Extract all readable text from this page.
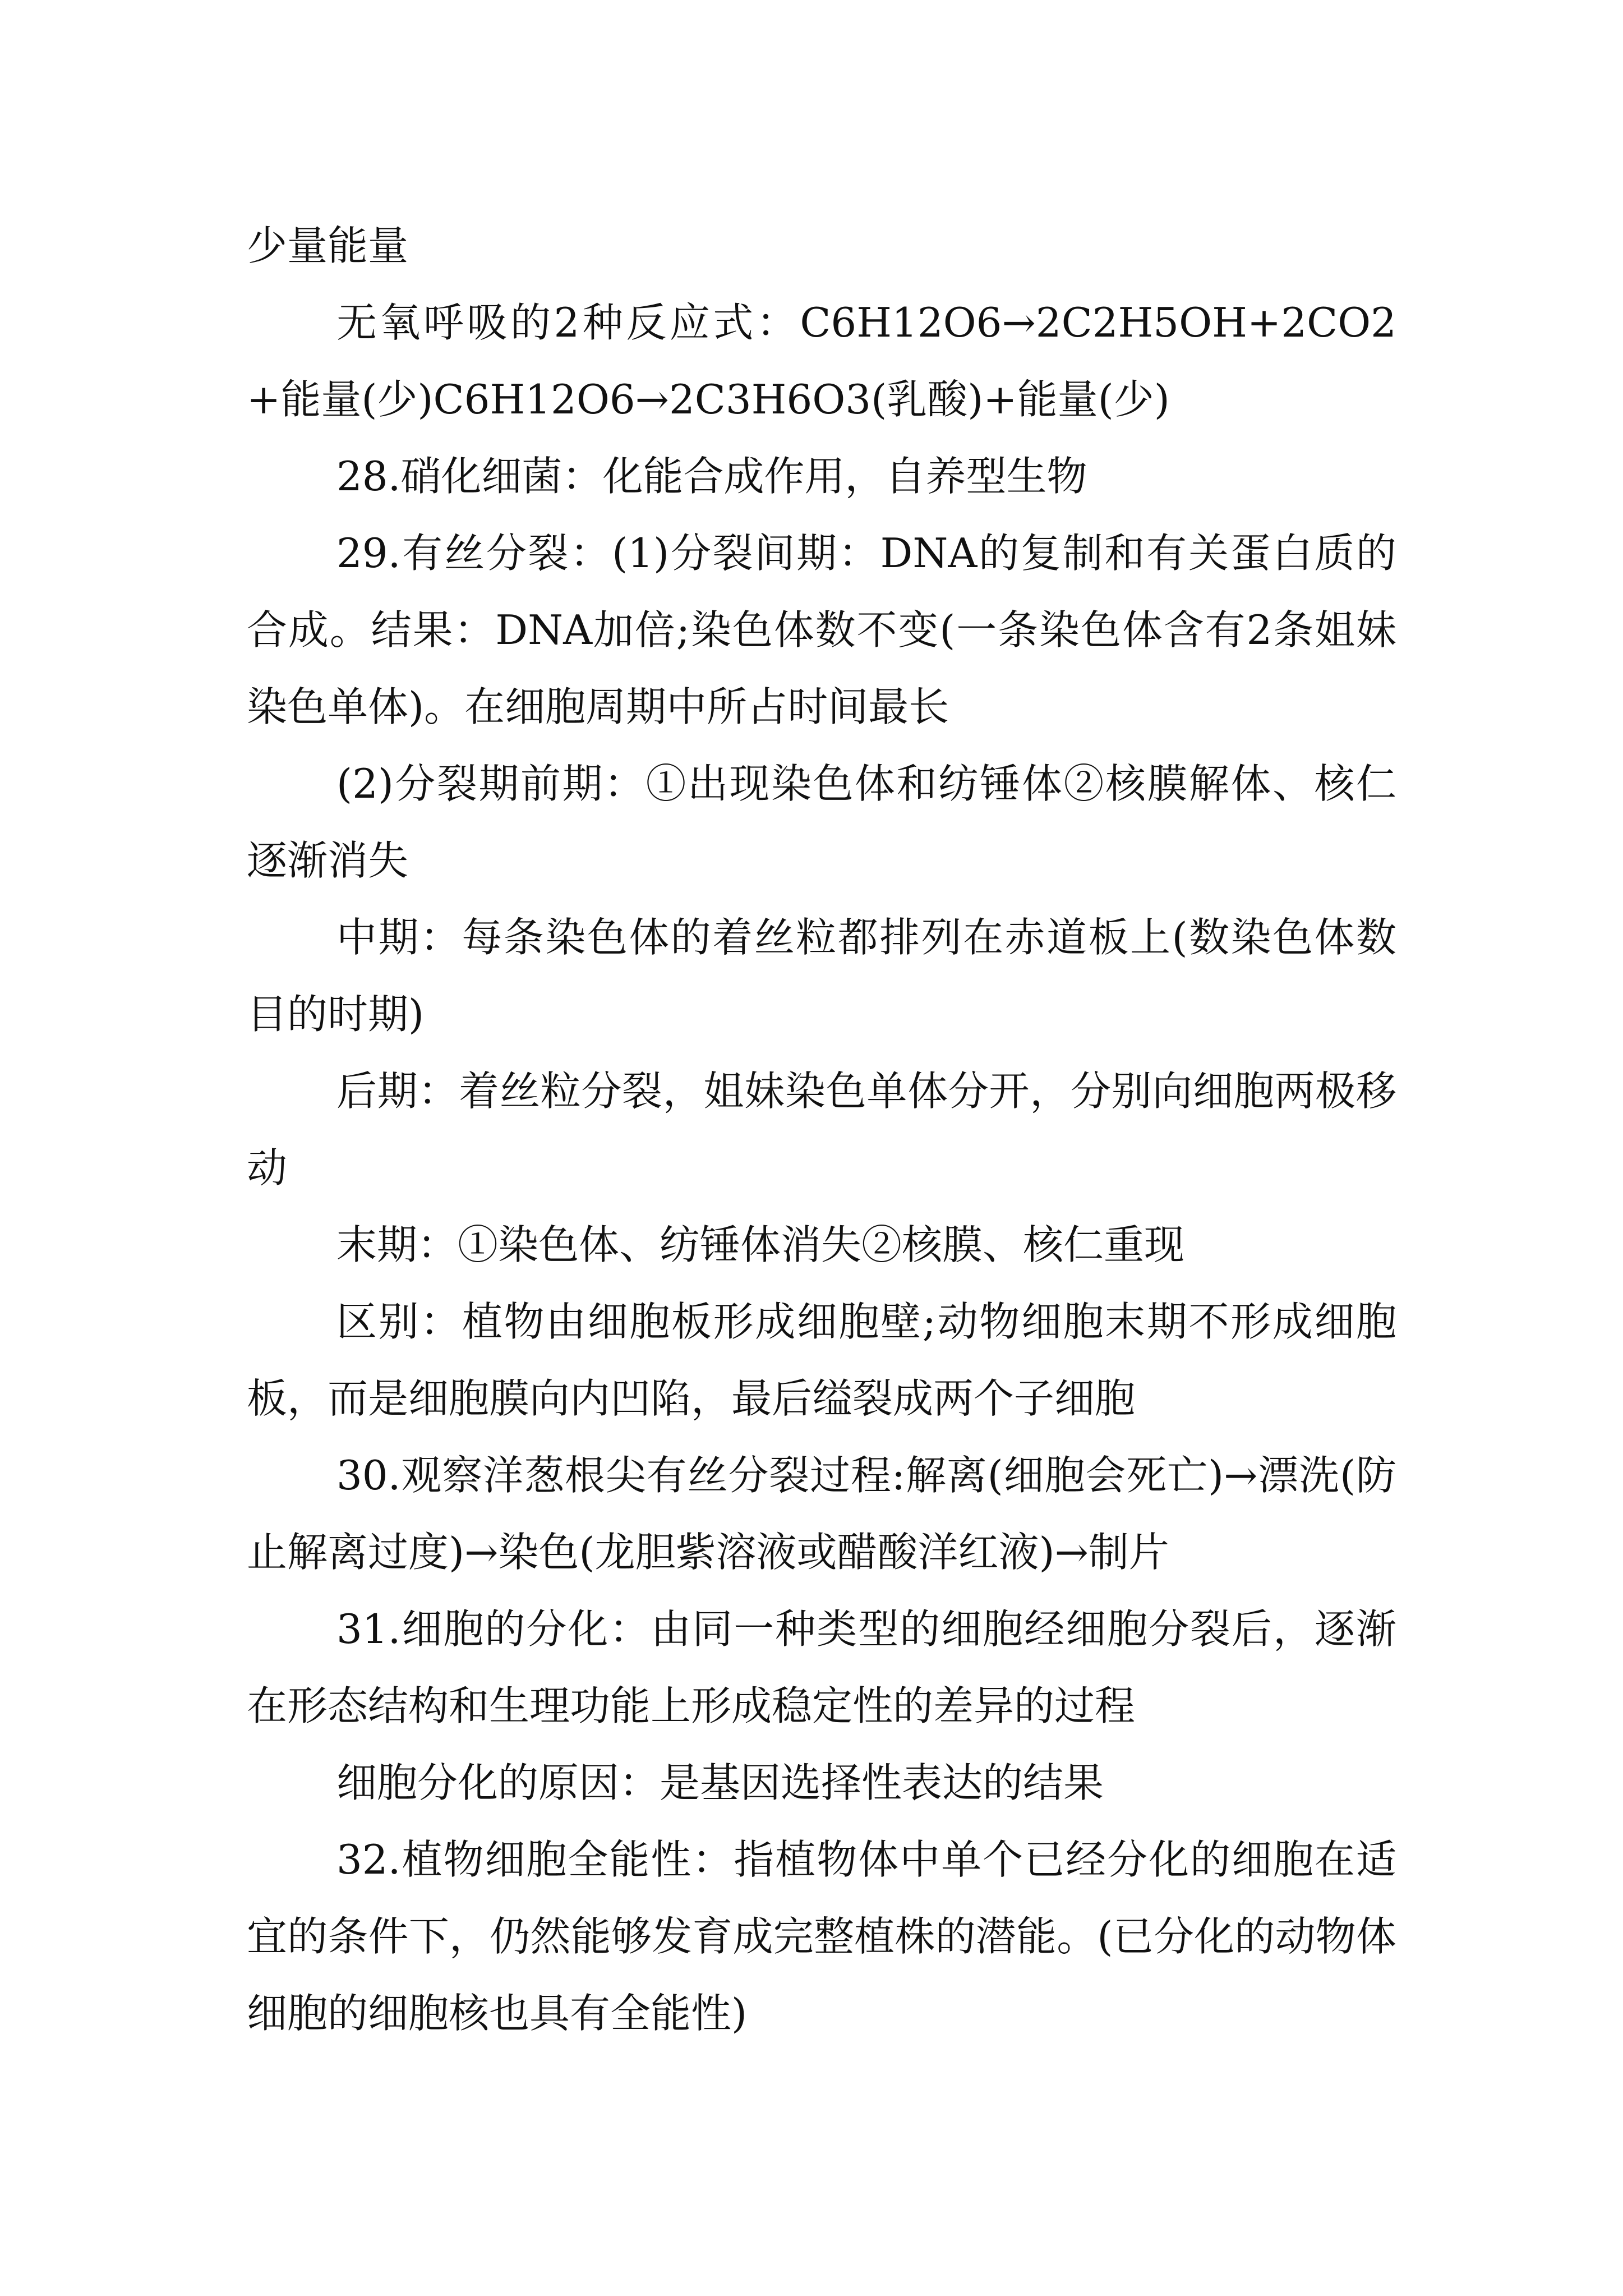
少量能量

无氧呼吸的2种反应式：C6H12O6→2C2H5OH+2CO2+能量(少)C6H12O6→2C3H6O3(乳酸)+能量(少)

28.硝化细菌：化能合成作用，自养型生物

29.有丝分裂：(1)分裂间期：DNA的复制和有关蛋白质的合成。结果：DNA加倍;染色体数不变(一条染色体含有2条姐妹染色单体)。在细胞周期中所占时间最长

(2)分裂期前期：①出现染色体和纺锤体②核膜解体、核仁逐渐消失

中期：每条染色体的着丝粒都排列在赤道板上(数染色体数目的时期)

后期：着丝粒分裂，姐妹染色单体分开，分别向细胞两极移动

末期：①染色体、纺锤体消失②核膜、核仁重现

区别：植物由细胞板形成细胞壁;动物细胞末期不形成细胞板，而是细胞膜向内凹陷，最后缢裂成两个子细胞

30.观察洋葱根尖有丝分裂过程:解离(细胞会死亡)→漂洗(防止解离过度)→染色(龙胆紫溶液或醋酸洋红液)→制片

31.细胞的分化：由同一种类型的细胞经细胞分裂后，逐渐在形态结构和生理功能上形成稳定性的差异的过程

细胞分化的原因：是基因选择性表达的结果

32.植物细胞全能性：指植物体中单个已经分化的细胞在适宜的条件下，仍然能够发育成完整植株的潜能。(已分化的动物体细胞的细胞核也具有全能性)
